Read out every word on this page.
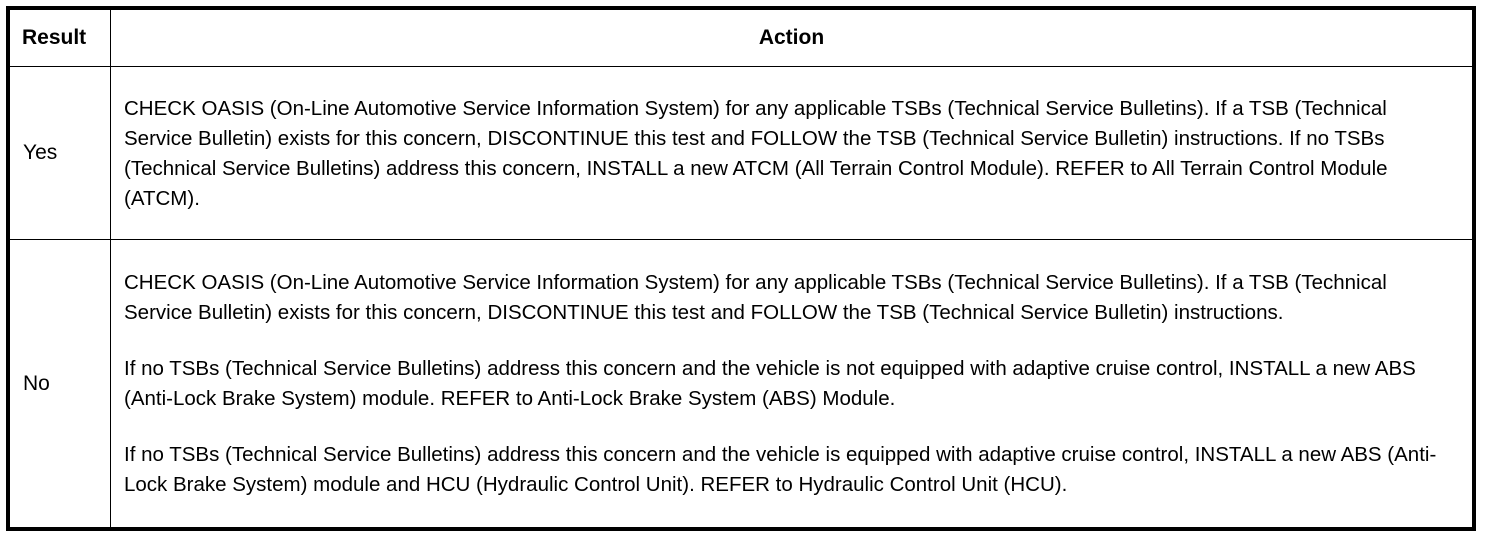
Result	Action
Yes	CHECK OASIS (On-Line Automotive Service Information System) for any applicable TSBs (Technical Service Bulletins). If a TSB (Technical Service Bulletin) exists for this concern, DISCONTINUE this test and FOLLOW the TSB (Technical Service Bulletin) instructions. If no TSBs (Technical Service Bulletins) address this concern, INSTALL a new ATCM (All Terrain Control Module). REFER to All Terrain Control Module (ATCM).

No	CHECK OASIS (On-Line Automotive Service Information System) for any applicable TSBs (Technical Service Bulletins). If a TSB (Technical Service Bulletin) exists for this concern, DISCONTINUE this test and FOLLOW the TSB (Technical Service Bulletin) instructions.

If no TSBs (Technical Service Bulletins) address this concern and the vehicle is not equipped with adaptive cruise control, INSTALL a new ABS (Anti-Lock Brake System) module. REFER to Anti-Lock Brake System (ABS) Module.

If no TSBs (Technical Service Bulletins) address this concern and the vehicle is equipped with adaptive cruise control, INSTALL a new ABS (Anti-Lock Brake System) module and HCU (Hydraulic Control Unit). REFER to Hydraulic Control Unit (HCU).
